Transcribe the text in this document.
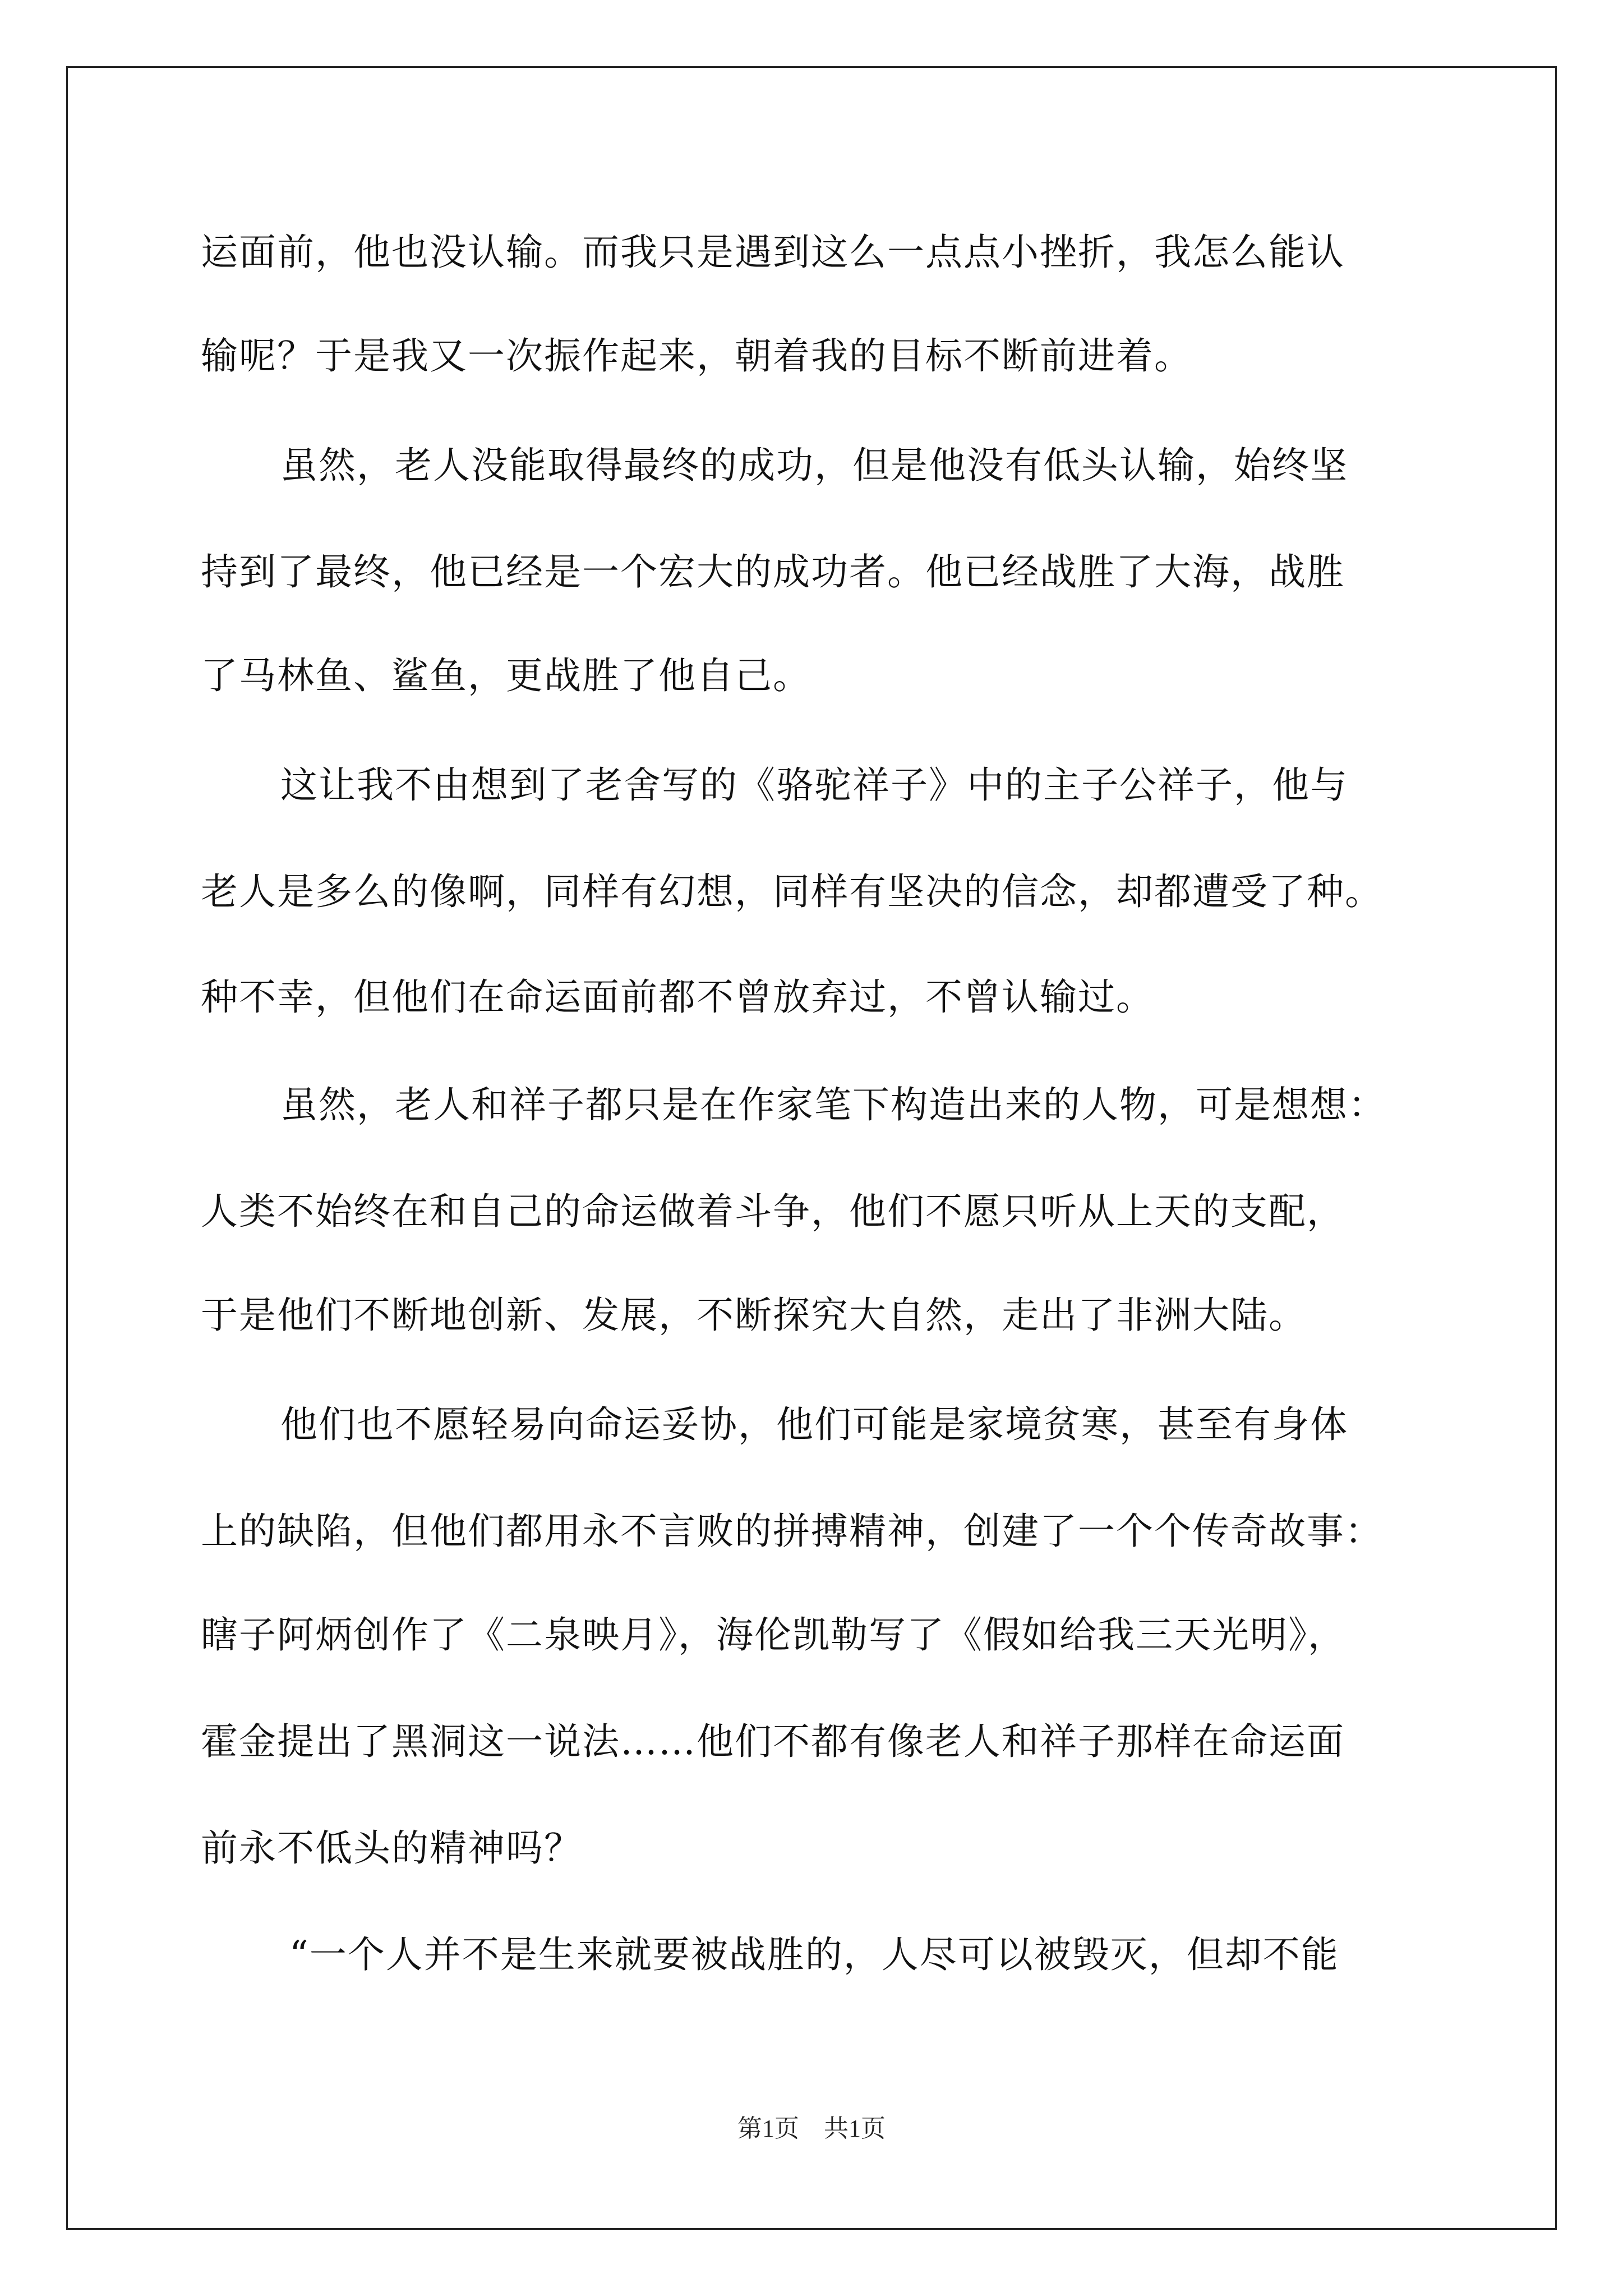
运面前，他也没认输。而我只是遇到这么一点点小挫折，我怎么能认
输呢？于是我又一次振作起来，朝着我的目标不断前进着。
虽然，老人没能取得最终的成功，但是他没有低头认输，始终坚
持到了最终，他已经是一个宏大的成功者。他已经战胜了大海，战胜
了马林鱼、鲨鱼，更战胜了他自己。
这让我不由想到了老舍写的《骆驼祥子》中的主子公祥子，他与
老人是多么的像啊，同样有幻想，同样有坚决的信念，却都遭受了种。
种不幸，但他们在命运面前都不曾放弃过，不曾认输过。
虽然，老人和祥子都只是在作家笔下构造出来的人物，可是想想：
人类不始终在和自己的命运做着斗争，他们不愿只听从上天的支配，
于是他们不断地创新、发展，不断探究大自然，走出了非洲大陆。
他们也不愿轻易向命运妥协，他们可能是家境贫寒，甚至有身体
上的缺陷，但他们都用永不言败的拼搏精神，创建了一个个传奇故事：
瞎子阿炳创作了《二泉映月》，海伦凯勒写了《假如给我三天光明》，
霍金提出了黑洞这一说法……他们不都有像老人和祥子那样在命运面
前永不低头的精神吗？
“一个人并不是生来就要被战胜的，人尽可以被毁灭，但却不能
第1页　共1页
